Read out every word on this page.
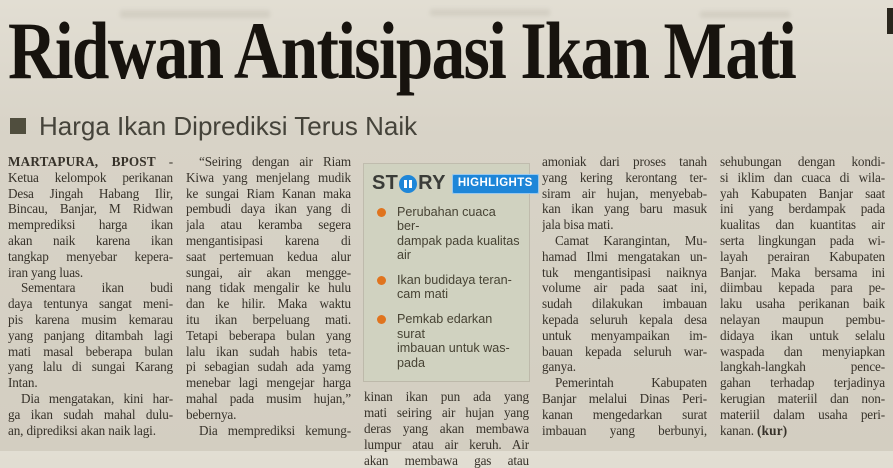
Ridwan Antisipasi Ikan Mati
Harga Ikan Diprediksi Terus Naik
MARTAPURA, BPOST -
Ketua kelompok perikanan
Desa Jingah Habang Ilir,
Bincau, Banjar, M Ridwan
memprediksi harga ikan
akan naik karena ikan
tangkap menyebar kepera-
iran yang luas.
Sementara ikan budi
daya tentunya sangat meni-
pis karena musim kemarau
yang panjang ditambah lagi
mati masal beberapa bulan
yang lalu di sungai Karang
Intan.
Dia mengatakan, kini har-
ga ikan sudah mahal dulu-
an, diprediksi akan naik lagi.
“Seiring dengan air Riam
Kiwa yang menjelang mudik
ke sungai Riam Kanan maka
pembudi daya ikan yang di
jala atau keramba segera
mengantisipasi karena di
saat pertemuan kedua alur
sungai, air akan mengge-
nang tidak mengalir ke hulu
dan ke hilir. Maka waktu
itu ikan berpeluang mati.
Tetapi beberapa bulan yang
lalu ikan sudah habis teta-
pi sebagian sudah ada yamg
menebar lagi mengejar harga
mahal pada musim hujan,”
bebernya.
Dia memprediksi kemung-
ST RY	HIGHLIGHTS
Perubahan cuaca ber-
dampak pada kualitas
air
Ikan budidaya teran-
cam mati
Pemkab edarkan surat
imbauan untuk was-
pada
kinan ikan pun ada yang
mati seiring air hujan yang
deras yang akan membawa
lumpur atau air keruh. Air
akan membawa gas atau
amoniak dari proses tanah
yang kering kerontang ter-
siram air hujan, menyebab-
kan ikan yang baru masuk
jala bisa mati.
Camat Karangintan, Mu-
hamad Ilmi mengatakan un-
tuk mengantisipasi naiknya
volume air pada saat ini,
sudah dilakukan imbauan
kepada seluruh kepala desa
untuk menyampaikan im-
bauan kepada seluruh war-
ganya.
Pemerintah Kabupaten
Banjar melalui Dinas Peri-
kanan mengedarkan surat
imbauan yang berbunyi,
sehubungan dengan kondi-
si iklim dan cuaca di wila-
yah Kabupaten Banjar saat
ini yang berdampak pada
kualitas dan kuantitas air
serta lingkungan pada wi-
layah perairan Kabupaten
Banjar. Maka bersama ini
diimbau kepada para pe-
laku usaha perikanan baik
nelayan maupun pembu-
didaya ikan untuk selalu
waspada dan menyiapkan
langkah-langkah pence-
gahan terhadap terjadinya
kerugian materiil dan non-
materiil dalam usaha peri-
kanan. (kur)
